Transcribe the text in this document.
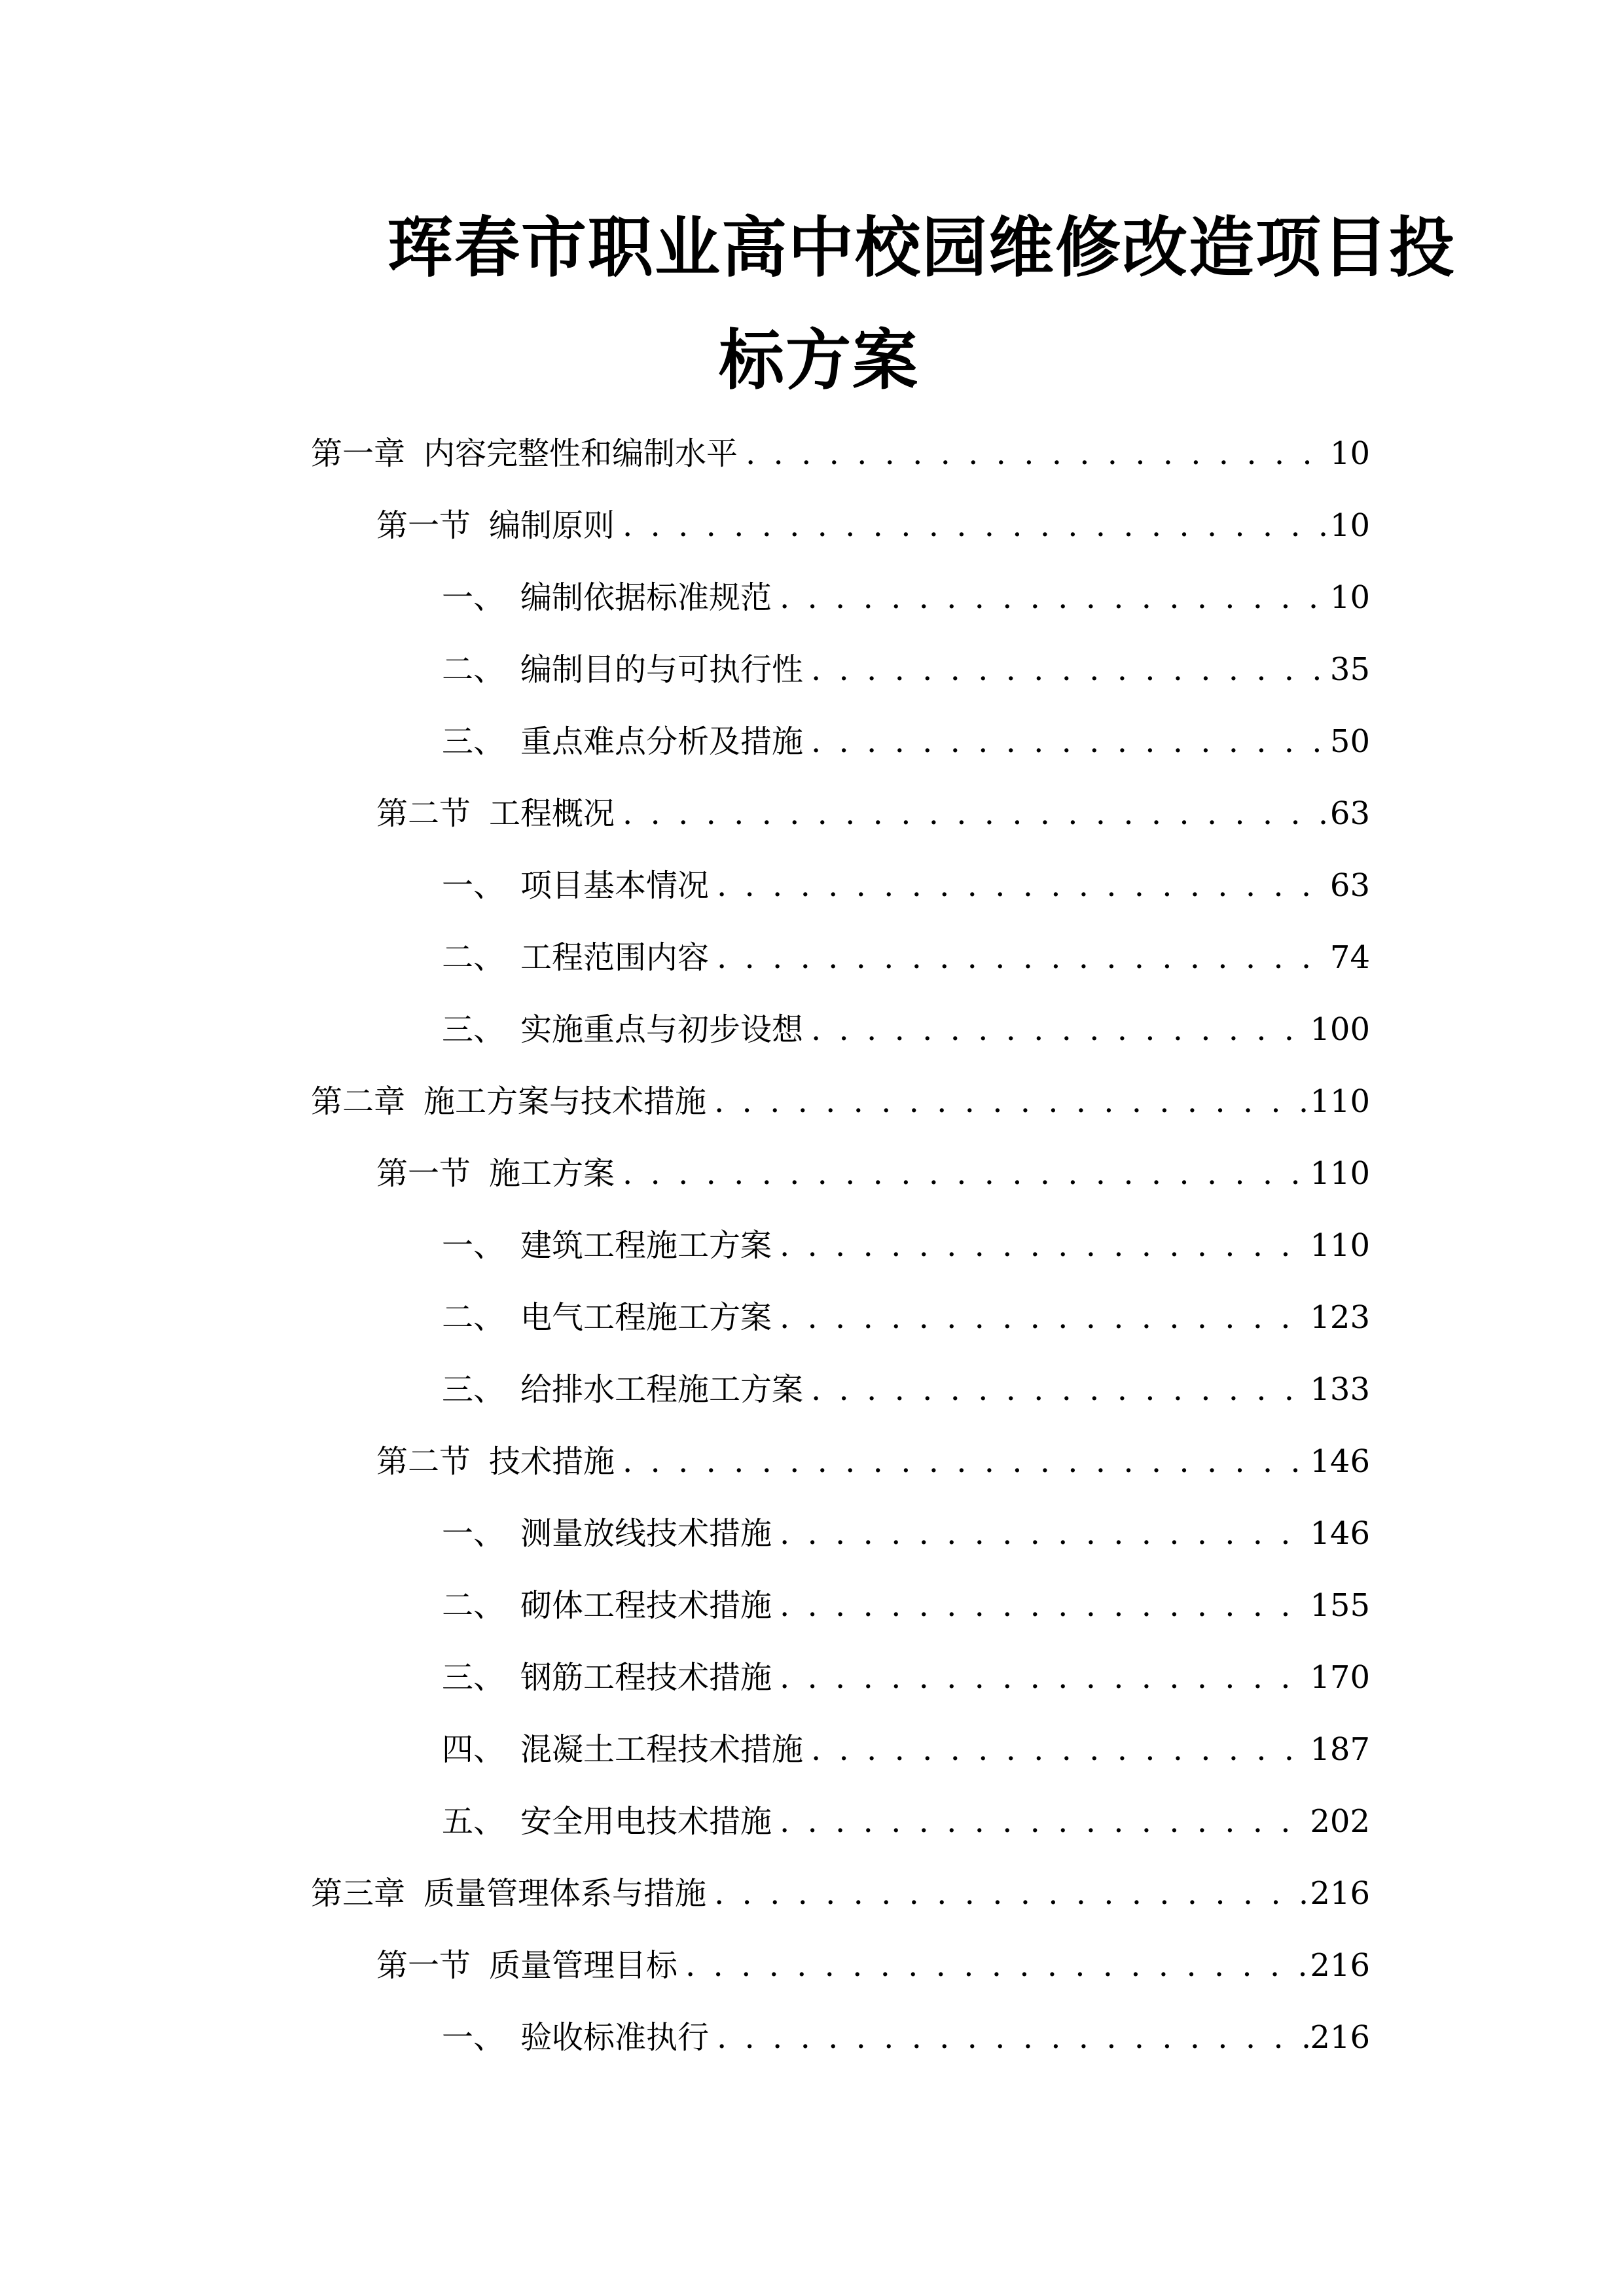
珲春市职业高中校园维修改造项目投
标方案
第一章 内容完整性和编制水平 . . .	10
第一节 编制原则 . . .	10
一、 编制依据标准规范 . . .	10
二、 编制目的与可执行性 . . .	35
三、 重点难点分析及措施 . . .	50
第二节 工程概况 . . .	63
一、 项目基本情况 . . .	63
二、 工程范围内容 . . .	74
三、 实施重点与初步设想 . . .	100
第二章 施工方案与技术措施 . . .	110
第一节 施工方案 . . .	110
一、 建筑工程施工方案 . . .	110
二、 电气工程施工方案 . . .	123
三、 给排水工程施工方案 . . .	133
第二节 技术措施 . . .	146
一、 测量放线技术措施 . . .	146
二、 砌体工程技术措施 . . .	155
三、 钢筋工程技术措施 . . .	170
四、 混凝土工程技术措施 . . .	187
五、 安全用电技术措施 . . .	202
第三章 质量管理体系与措施 . . .	216
第一节 质量管理目标 . . .	216
一、 验收标准执行 . . .	216
